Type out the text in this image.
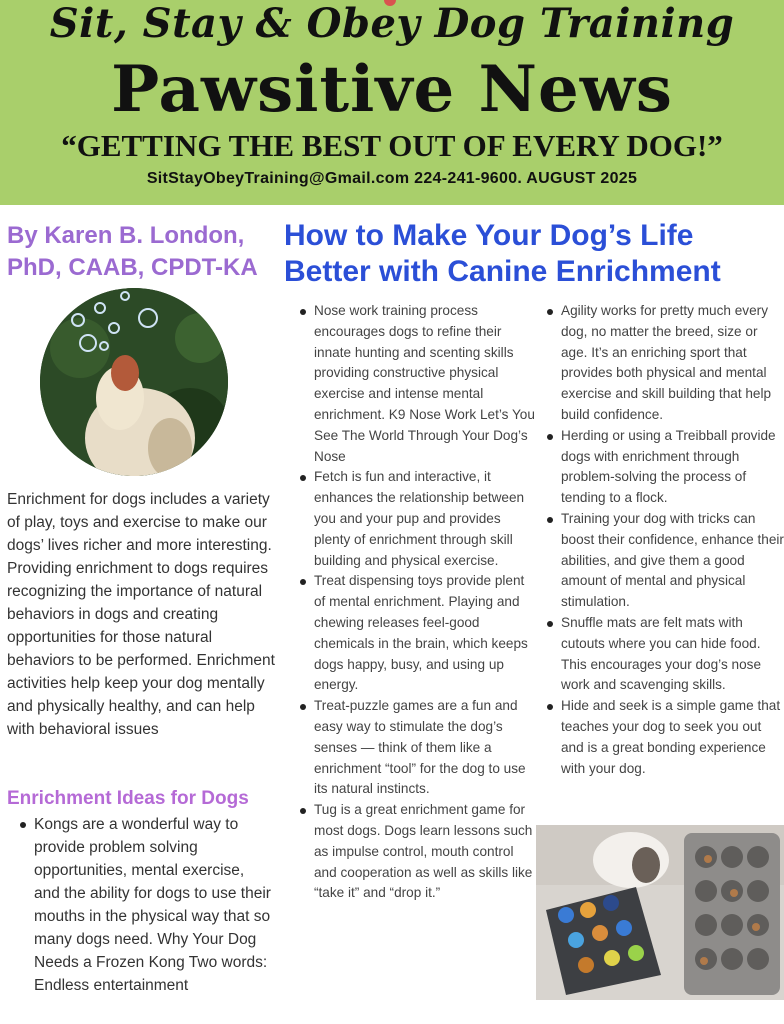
Sit, Stay & Obey Dog Training
Pawsitive News
“GETTING THE BEST OUT OF EVERY DOG!”
SitStayObeyTraining@Gmail.com 224-241-9600. AUGUST 2025
By Karen B. London, PhD, CAAB, CPDT-KA
Enrichment for dogs includes a variety of play, toys and exercise to make our dogs’ lives richer and more interesting. Providing enrichment to dogs requires recognizing the importance of natural behaviors in dogs and creating opportunities for those natural behaviors to be performed. Enrichment activities help keep your dog mentally and physically healthy, and can help with behavioral issues
Enrichment Ideas for Dogs
Kongs are a wonderful way to provide problem solving opportunities, mental exercise, and the ability for dogs to use their mouths in the physical way that so many dogs need. Why Your Dog Needs a Frozen Kong Two words: Endless entertainment
How to Make Your Dog’s Life Better with Canine Enrichment
Nose work training process encourages dogs to refine their innate hunting and scenting skills providing constructive physical exercise and intense mental enrichment. K9 Nose Work Let’s You See The World Through Your Dog’s Nose
Fetch is fun and interactive, it enhances the relationship between you and your pup and provides plenty of enrichment through skill building and physical exercise.
Treat dispensing toys provide plent of mental enrichment. Playing and chewing releases feel-good chemicals in the brain, which keeps dogs happy, busy, and using up energy.
Treat-puzzle games are a fun and easy way to stimulate the dog’s senses — think of them like a enrichment “tool” for the dog to use its natural instincts.
Tug is a great enrichment game for most dogs. Dogs learn lessons such as impulse control, mouth control and cooperation as well as skills like “take it” and “drop it.”
Agility works for pretty much every dog, no matter the breed, size or age. It’s an enriching sport that provides both physical and mental exercise and skill building that help build confidence.
Herding or using a Treibball provide dogs with enrichment through problem-solving the process of tending to a flock.
Training your dog with tricks can boost their confidence, enhance their abilities, and give them a good amount of mental and physical stimulation.
Snuffle mats are felt mats with cutouts where you can hide food. This encourages your dog’s nose work and scavenging skills.
Hide and seek is a simple game that teaches your dog to seek you out and is a great bonding experience with your dog.
